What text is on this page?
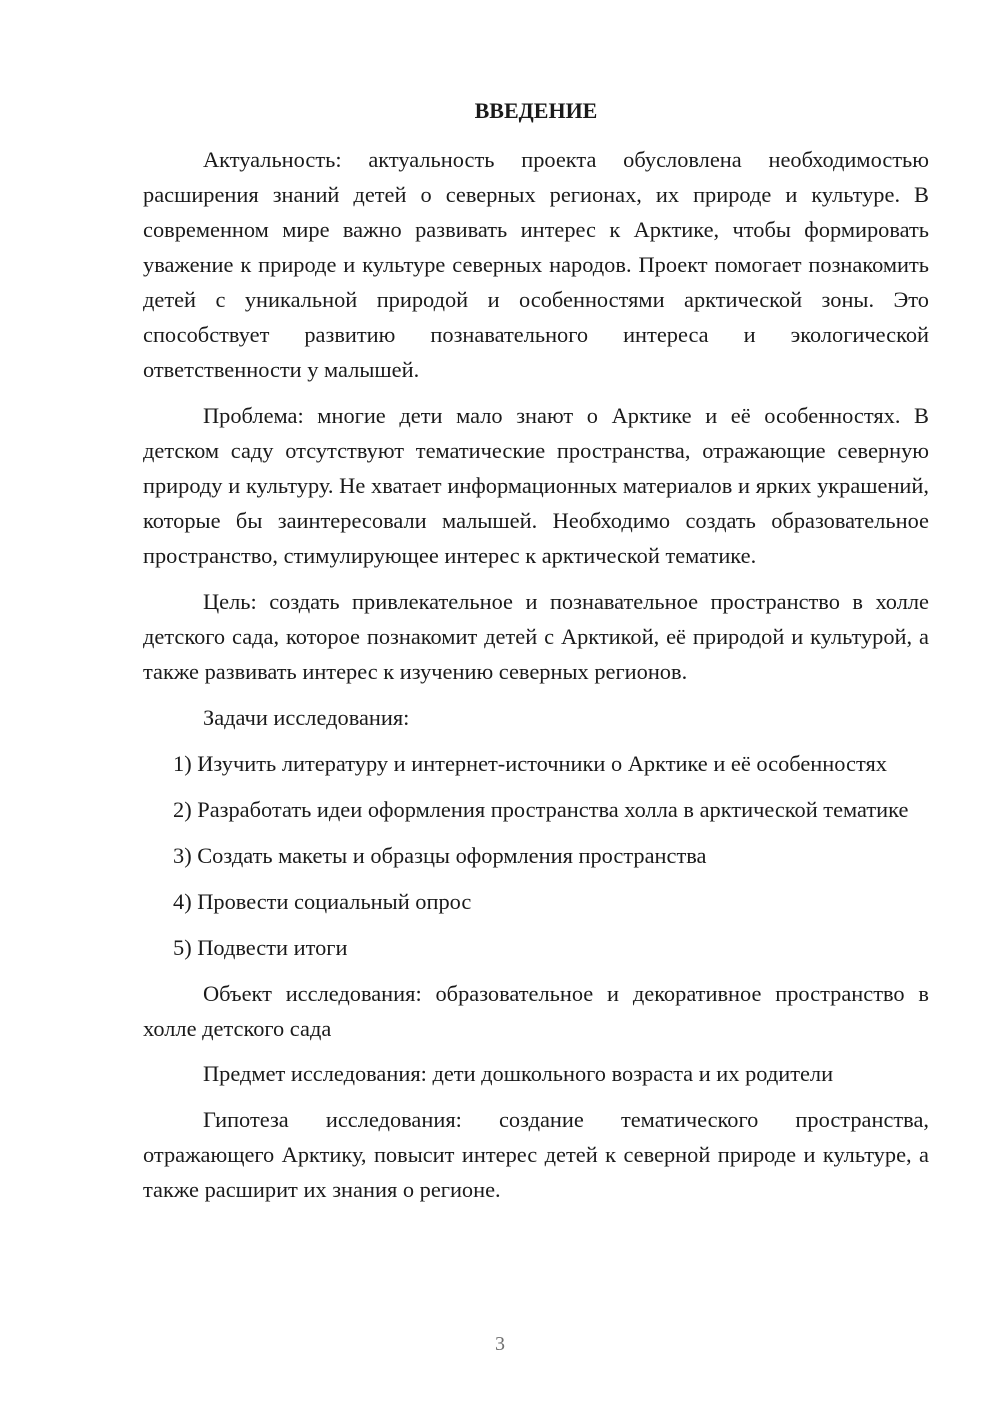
ВВЕДЕНИЕ

Актуальность: актуальность проекта обусловлена необходимостью расширения знаний детей о северных регионах, их природе и культуре. В современном мире важно развивать интерес к Арктике, чтобы формировать уважение к природе и культуре северных народов. Проект помогает познакомить детей с уникальной природой и особенностями арктической зоны. Это способствует развитию познавательного интереса и экологической ответственности у малышей.

Проблема: многие дети мало знают о Арктике и её особенностях. В детском саду отсутствуют тематические пространства, отражающие северную природу и культуру. Не хватает информационных материалов и ярких украшений, которые бы заинтересовали малышей. Необходимо создать образовательное пространство, стимулирующее интерес к арктической тематике.

Цель: создать привлекательное и познавательное пространство в холле детского сада, которое познакомит детей с Арктикой, её природой и культурой, а также развивать интерес к изучению северных регионов.

Задачи исследования:

1) Изучить литературу и интернет-источники о Арктике и её особенностях

2) Разработать идеи оформления пространства холла в арктической тематике

3) Создать макеты и образцы оформления пространства

4) Провести социальный опрос

5) Подвести итоги

Объект исследования: образовательное и декоративное пространство в холле детского сада

Предмет исследования: дети дошкольного возраста и их родители

Гипотеза исследования: создание тематического пространства, отражающего Арктику, повысит интерес детей к северной природе и культуре, а также расширит их знания о регионе.

3
